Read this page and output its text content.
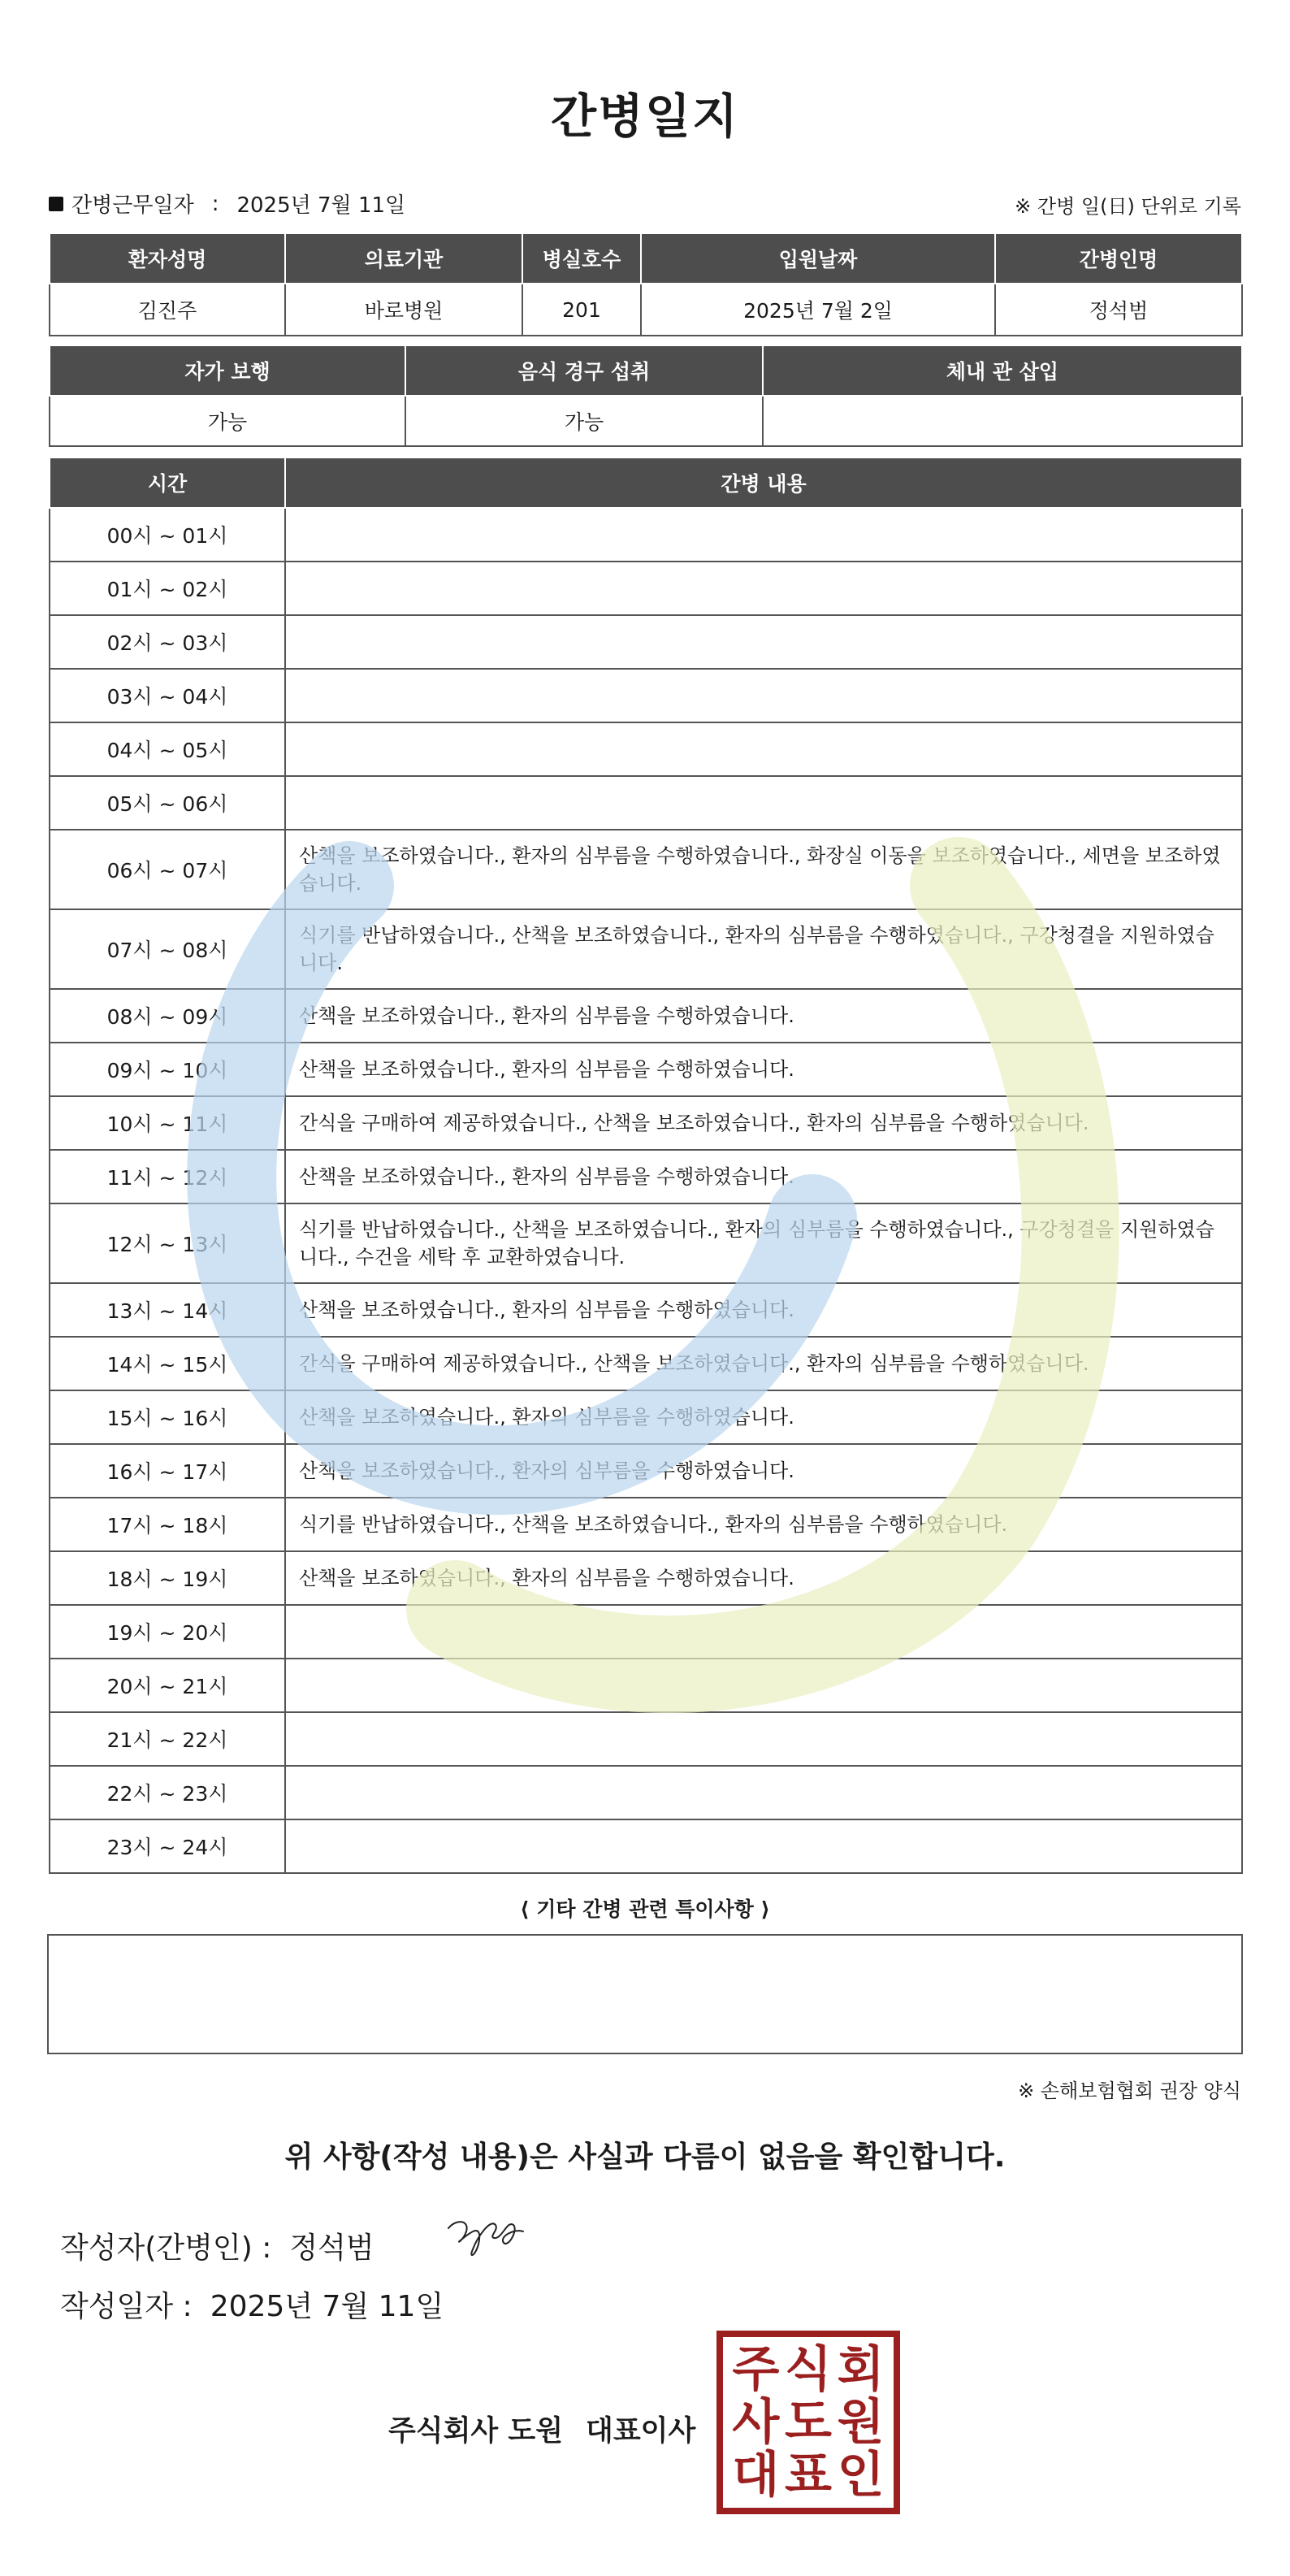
간병일지
간병근무일자 : 2025년 7월 11일	※ 간병 일(日) 단위로 기록
환자성명	의료기관	병실호수	입원날짜	간병인명
김진주	바로병원	201	2025년 7월 2일	정석범
자가 보행	음식 경구 섭취	체내 관 삽입
가능	가능	
시간	간병 내용
00시 ~ 01시	
01시 ~ 02시	
02시 ~ 03시	
03시 ~ 04시	
04시 ~ 05시	
05시 ~ 06시	
06시 ~ 07시	산책을 보조하였습니다., 환자의 심부름을 수행하였습니다., 화장실 이동을 보조하였습니다., 세면을 보조하였습니다.
07시 ~ 08시	식기를 반납하였습니다., 산책을 보조하였습니다., 환자의 심부름을 수행하였습니다., 구강청결을 지원하였습니다.
08시 ~ 09시	산책을 보조하였습니다., 환자의 심부름을 수행하였습니다.
09시 ~ 10시	산책을 보조하였습니다., 환자의 심부름을 수행하였습니다.
10시 ~ 11시	간식을 구매하여 제공하였습니다., 산책을 보조하였습니다., 환자의 심부름을 수행하였습니다.
11시 ~ 12시	산책을 보조하였습니다., 환자의 심부름을 수행하였습니다.
12시 ~ 13시	식기를 반납하였습니다., 산책을 보조하였습니다., 환자의 심부름을 수행하였습니다., 구강청결을 지원하였습니다., 수건을 세탁 후 교환하였습니다.
13시 ~ 14시	산책을 보조하였습니다., 환자의 심부름을 수행하였습니다.
14시 ~ 15시	간식을 구매하여 제공하였습니다., 산책을 보조하였습니다., 환자의 심부름을 수행하였습니다.
15시 ~ 16시	산책을 보조하였습니다., 환자의 심부름을 수행하였습니다.
16시 ~ 17시	산책을 보조하였습니다., 환자의 심부름을 수행하였습니다.
17시 ~ 18시	식기를 반납하였습니다., 산책을 보조하였습니다., 환자의 심부름을 수행하였습니다.
18시 ~ 19시	산책을 보조하였습니다., 환자의 심부름을 수행하였습니다.
19시 ~ 20시	
20시 ~ 21시	
21시 ~ 22시	
22시 ~ 23시	
23시 ~ 24시	
⟨ 기타 간병 관련 특이사항 ⟩
※ 손해보험협회 권장 양식
위 사항(작성 내용)은 사실과 다름이 없음을 확인합니다.
작성자(간병인) : 정석범
작성일자 : 2025년 7월 11일
주식회사 도원 대표이사
주 식 회
사 도 원
대 표 인
